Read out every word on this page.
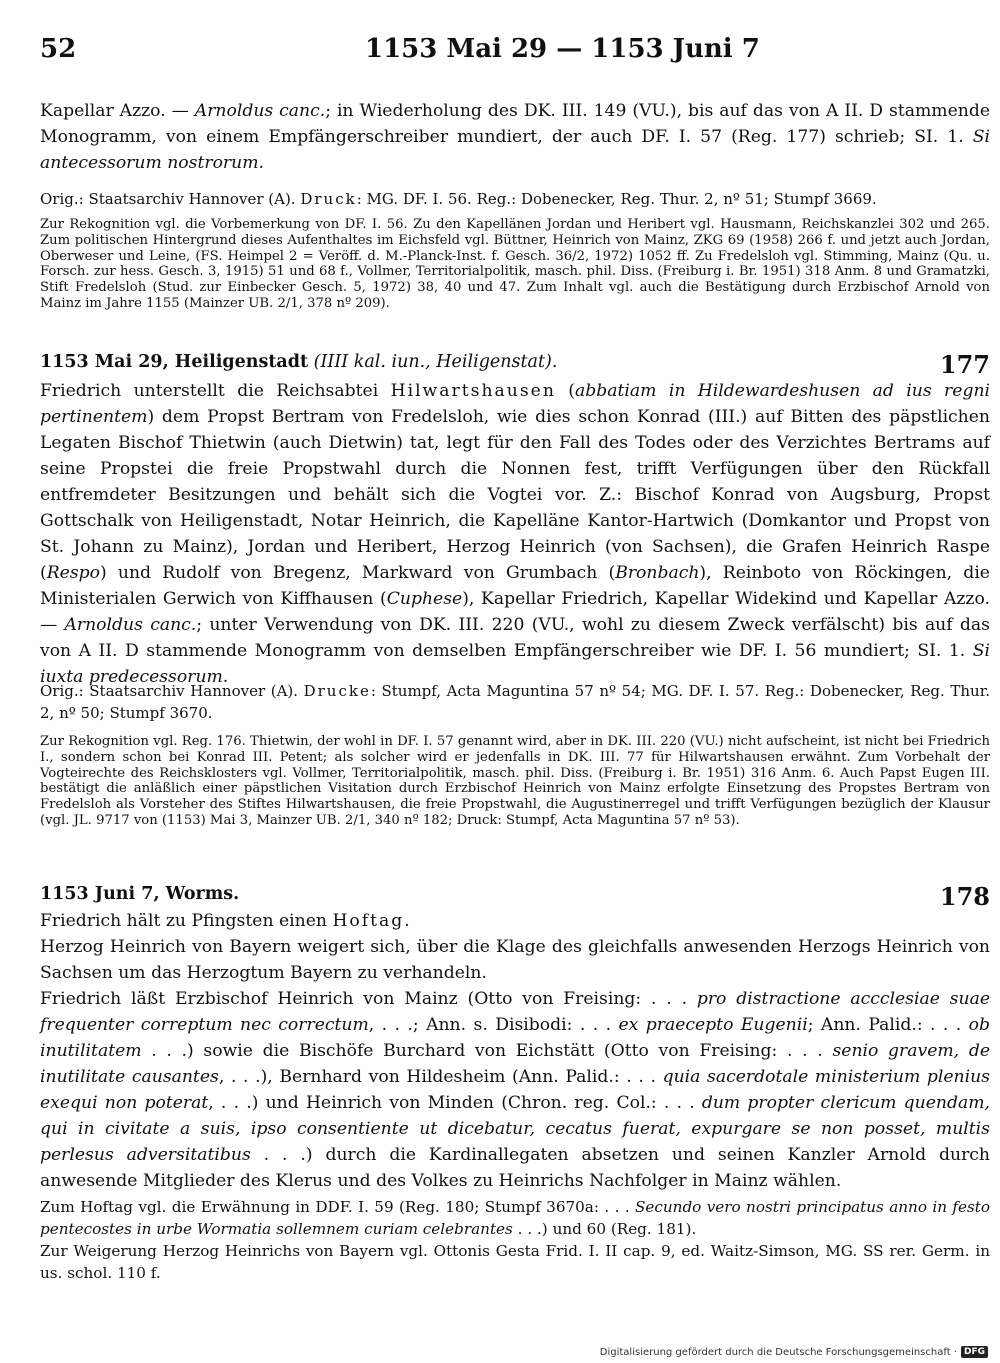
52	1153 Mai 29 — 1153 Juni 7

Kapellar Azzo. — Arnoldus canc.; in Wiederholung des DK. III. 149 (VU.), bis auf das von A II. D stammende Monogramm, von einem Empfängerschreiber mundiert, der auch DF. I. 57 (Reg. 177) schrieb; SI. 1. Si antecessorum nostrorum.

Orig.: Staatsarchiv Hannover (A). Druck: MG. DF. I. 56. Reg.: Dobenecker, Reg. Thur. 2, nº 51; Stumpf 3669.

Zur Rekognition vgl. die Vorbemerkung von DF. I. 56. Zu den Kapellänen Jordan und Heribert vgl. Hausmann, Reichskanzlei 302 und 265. Zum politischen Hintergrund dieses Aufenthaltes im Eichsfeld vgl. Büttner, Heinrich von Mainz, ZKG 69 (1958) 266 f. und jetzt auch Jordan, Oberweser und Leine, (FS. Heimpel 2 = Veröff. d. M.-Planck-Inst. f. Gesch. 36/2, 1972) 1052 ff. Zu Fredelsloh vgl. Stimming, Mainz (Qu. u. Forsch. zur hess. Gesch. 3, 1915) 51 und 68 f., Vollmer, Territorialpolitik, masch. phil. Diss. (Freiburg i. Br. 1951) 318 Anm. 8 und Gramatzki, Stift Fredelsloh (Stud. zur Einbecker Gesch. 5, 1972) 38, 40 und 47. Zum Inhalt vgl. auch die Bestätigung durch Erzbischof Arnold von Mainz im Jahre 1155 (Mainzer UB. 2/1, 378 nº 209).

1153 Mai 29, Heiligenstadt (IIII kal. iun., Heiligenstat).	177

Friedrich unterstellt die Reichsabtei Hilwartshausen (abbatiam in Hildewardeshusen ad ius regni pertinentem) dem Propst Bertram von Fredelsloh, wie dies schon Konrad (III.) auf Bitten des päpstlichen Legaten Bischof Thietwin (auch Dietwin) tat, legt für den Fall des Todes oder des Verzichtes Bertrams auf seine Propstei die freie Propstwahl durch die Nonnen fest, trifft Verfügungen über den Rückfall entfremdeter Besitzungen und behält sich die Vogtei vor. Z.: Bischof Konrad von Augsburg, Propst Gottschalk von Heiligenstadt, Notar Heinrich, die Kapelläne Kantor-Hartwich (Domkantor und Propst von St. Johann zu Mainz), Jordan und Heribert, Herzog Heinrich (von Sachsen), die Grafen Heinrich Raspe (Respo) und Rudolf von Bregenz, Markward von Grumbach (Bronbach), Reinboto von Röckingen, die Ministerialen Gerwich von Kiffhausen (Cuphese), Kapellar Friedrich, Kapellar Widekind und Kapellar Azzo. — Arnoldus canc.; unter Verwendung von DK. III. 220 (VU., wohl zu diesem Zweck verfälscht) bis auf das von A II. D stammende Monogramm von demselben Empfängerschreiber wie DF. I. 56 mundiert; SI. 1. Si iuxta predecessorum.

Orig.: Staatsarchiv Hannover (A). Drucke: Stumpf, Acta Maguntina 57 nº 54; MG. DF. I. 57. Reg.: Dobenecker, Reg. Thur. 2, nº 50; Stumpf 3670.

Zur Rekognition vgl. Reg. 176. Thietwin, der wohl in DF. I. 57 genannt wird, aber in DK. III. 220 (VU.) nicht aufscheint, ist nicht bei Friedrich I., sondern schon bei Konrad III. Petent; als solcher wird er jedenfalls in DK. III. 77 für Hilwartshausen erwähnt. Zum Vorbehalt der Vogteirechte des Reichsklosters vgl. Vollmer, Territorialpolitik, masch. phil. Diss. (Freiburg i. Br. 1951) 316 Anm. 6. Auch Papst Eugen III. bestätigt die anläßlich einer päpstlichen Visitation durch Erzbischof Heinrich von Mainz erfolgte Einsetzung des Propstes Bertram von Fredelsloh als Vorsteher des Stiftes Hilwartshausen, die freie Propstwahl, die Augustinerregel und trifft Verfügungen bezüglich der Klausur (vgl. JL. 9717 von (1153) Mai 3, Mainzer UB. 2/1, 340 nº 182; Druck: Stumpf, Acta Maguntina 57 nº 53).

1153 Juni 7, Worms.	178

Friedrich hält zu Pfingsten einen Hoftag.

Herzog Heinrich von Bayern weigert sich, über die Klage des gleichfalls anwesenden Herzogs Heinrich von Sachsen um das Herzogtum Bayern zu verhandeln.

Friedrich läßt Erzbischof Heinrich von Mainz (Otto von Freising: . . . pro distractione accclesiae suae frequenter correptum nec correctum, . . .; Ann. s. Disibodi: . . . ex praecepto Eugenii; Ann. Palid.: . . . ob inutilitatem . . .) sowie die Bischöfe Burchard von Eichstätt (Otto von Freising: . . . senio gravem, de inutilitate causantes, . . .), Bernhard von Hildesheim (Ann. Palid.: . . . quia sacerdotale ministerium plenius exequi non poterat, . . .) und Heinrich von Minden (Chron. reg. Col.: . . . dum propter clericum quendam, qui in civitate a suis, ipso consentiente ut dicebatur, cecatus fuerat, expurgare se non posset, multis perlesus adversitatibus . . .) durch die Kardinallegaten absetzen und seinen Kanzler Arnold durch anwesende Mitglieder des Klerus und des Volkes zu Heinrichs Nachfolger in Mainz wählen.

Zum Hoftag vgl. die Erwähnung in DDF. I. 59 (Reg. 180; Stumpf 3670a: . . . Secundo vero nostri principatus anno in festo pentecostes in urbe Wormatia sollemnem curiam celebrantes . . .) und 60 (Reg. 181).

Zur Weigerung Herzog Heinrichs von Bayern vgl. Ottonis Gesta Frid. I. II cap. 9, ed. Waitz-Simson, MG. SS rer. Germ. in us. schol. 110 f.

Digitalisierung gefördert durch die Deutsche Forschungsgemeinschaft · DFG
